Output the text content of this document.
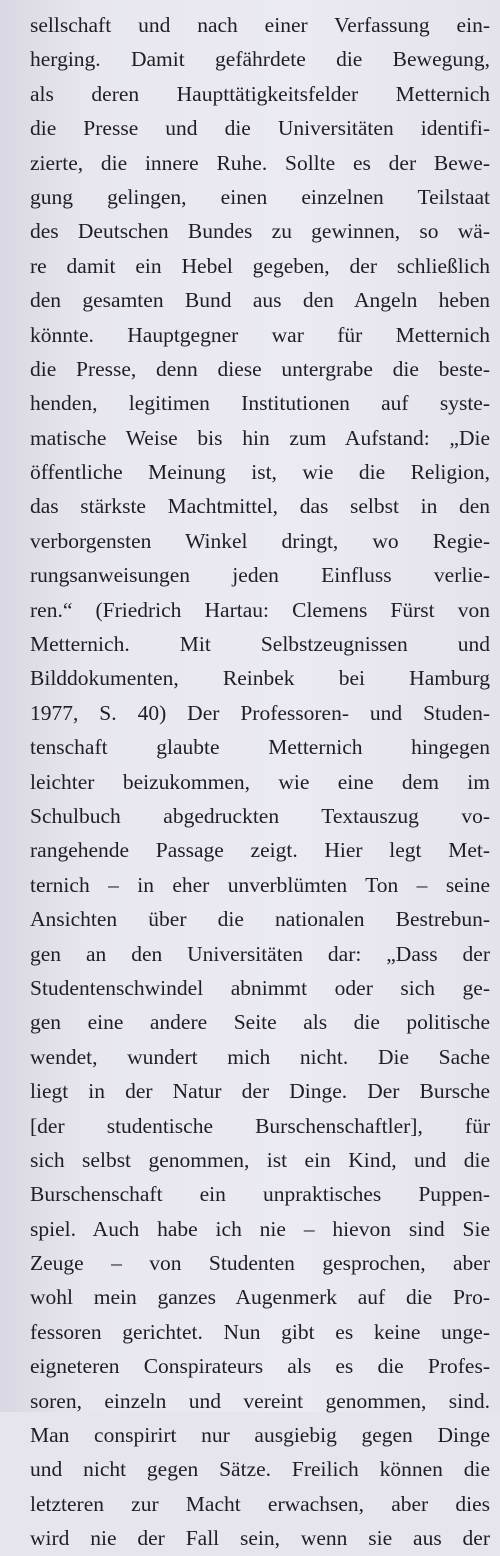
sellschaft und nach einer Verfassung ein-
herging. Damit gefährdete die Bewegung,
als deren Haupttätigkeitsfelder Metternich
die Presse und die Universitäten identifi-
zierte, die innere Ruhe. Sollte es der Bewe-
gung gelingen, einen einzelnen Teilstaat
des Deutschen Bundes zu gewinnen, so wä-
re damit ein Hebel gegeben, der schließlich
den gesamten Bund aus den Angeln heben
könnte. Hauptgegner war für Metternich
die Presse, denn diese untergrabe die beste-
henden, legitimen Institutionen auf syste-
matische Weise bis hin zum Aufstand: „Die
öffentliche Meinung ist, wie die Religion,
das stärkste Machtmittel, das selbst in den
verborgensten Winkel dringt, wo Regie-
rungsanweisungen jeden Einfluss verlie-
ren.“ (Friedrich Hartau: Clemens Fürst von
Metternich. Mit Selbstzeugnissen und
Bilddokumenten, Reinbek bei Hamburg
1977, S. 40) Der Professoren- und Studen-
tenschaft glaubte Metternich hingegen
leichter beizukommen, wie eine dem im
Schulbuch abgedruckten Textauszug vo-
rangehende Passage zeigt. Hier legt Met-
ternich – in eher unverblümten Ton – seine
Ansichten über die nationalen Bestrebun-
gen an den Universitäten dar: „Dass der
Studentenschwindel abnimmt oder sich ge-
gen eine andere Seite als die politische
wendet, wundert mich nicht. Die Sache
liegt in der Natur der Dinge. Der Bursche
[der studentische Burschenschaftler], für
sich selbst genommen, ist ein Kind, und die
Burschenschaft ein unpraktisches Puppen-
spiel. Auch habe ich nie – hievon sind Sie
Zeuge – von Studenten gesprochen, aber
wohl mein ganzes Augenmerk auf die Pro-
fessoren gerichtet. Nun gibt es keine unge-
eigneteren Conspirateurs als es die Profes-
soren, einzeln und vereint genommen, sind.
Man conspirirt nur ausgiebig gegen Dinge
und nicht gegen Sätze. Freilich können die
letzteren zur Macht erwachsen, aber dies
wird nie der Fall sein, wenn sie aus der
